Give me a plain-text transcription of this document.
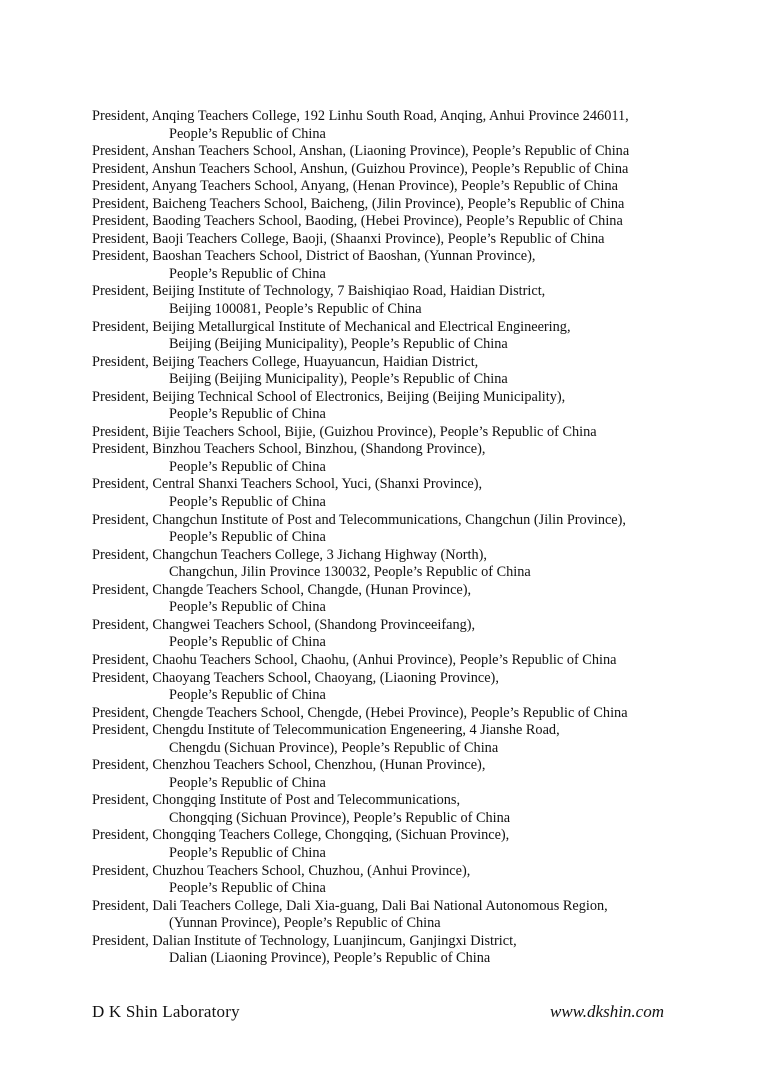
President, Anqing Teachers College, 192 Linhu South Road, Anqing, Anhui Province 246011,
People’s Republic of China
President, Anshan Teachers School, Anshan, (Liaoning Province), People’s Republic of China
President, Anshun Teachers School, Anshun, (Guizhou Province), People’s Republic of China
President, Anyang Teachers School, Anyang, (Henan Province), People’s Republic of China
President, Baicheng Teachers School, Baicheng, (Jilin Province), People’s Republic of China
President, Baoding Teachers School, Baoding, (Hebei Province), People’s Republic of China
President, Baoji Teachers College, Baoji, (Shaanxi Province), People’s Republic of China
President, Baoshan Teachers School, District of Baoshan, (Yunnan Province),
People’s Republic of China
President, Beijing Institute of Technology, 7 Baishiqiao Road, Haidian District,
Beijing 100081, People’s Republic of China
President, Beijing Metallurgical Institute of Mechanical and Electrical Engineering,
Beijing (Beijing Municipality), People’s Republic of China
President, Beijing Teachers College, Huayuancun, Haidian District,
Beijing (Beijing Municipality), People’s Republic of China
President, Beijing Technical School of Electronics, Beijing (Beijing Municipality),
People’s Republic of China
President, Bijie Teachers School, Bijie, (Guizhou Province), People’s Republic of China
President, Binzhou Teachers School, Binzhou, (Shandong Province),
People’s Republic of China
President, Central Shanxi Teachers School, Yuci, (Shanxi Province),
People’s Republic of China
President, Changchun Institute of Post and Telecommunications, Changchun (Jilin Province),
People’s Republic of China
President, Changchun Teachers College, 3 Jichang Highway (North),
Changchun, Jilin Province 130032, People’s Republic of China
President, Changde Teachers School, Changde, (Hunan Province),
People’s Republic of China
President, Changwei Teachers School, (Shandong Provinceeifang),
People’s Republic of China
President, Chaohu Teachers School, Chaohu, (Anhui Province), People’s Republic of China
President, Chaoyang Teachers School, Chaoyang, (Liaoning Province),
People’s Republic of China
President, Chengde Teachers School, Chengde, (Hebei Province), People’s Republic of China
President, Chengdu Institute of Telecommunication Engeneering, 4 Jianshe Road,
Chengdu (Sichuan Province), People’s Republic of China
President, Chenzhou Teachers School, Chenzhou, (Hunan Province),
People’s Republic of China
President, Chongqing Institute of Post and Telecommunications,
Chongqing (Sichuan Province), People’s Republic of China
President, Chongqing Teachers College, Chongqing, (Sichuan Province),
People’s Republic of China
President, Chuzhou Teachers School, Chuzhou, (Anhui Province),
People’s Republic of China
President, Dali Teachers College, Dali Xia-guang, Dali Bai National Autonomous Region,
(Yunnan Province), People’s Republic of China
President, Dalian Institute of Technology, Luanjincum, Ganjingxi District,
Dalian (Liaoning Province), People’s Republic of China
D K Shin Laboratory	www.dkshin.com
